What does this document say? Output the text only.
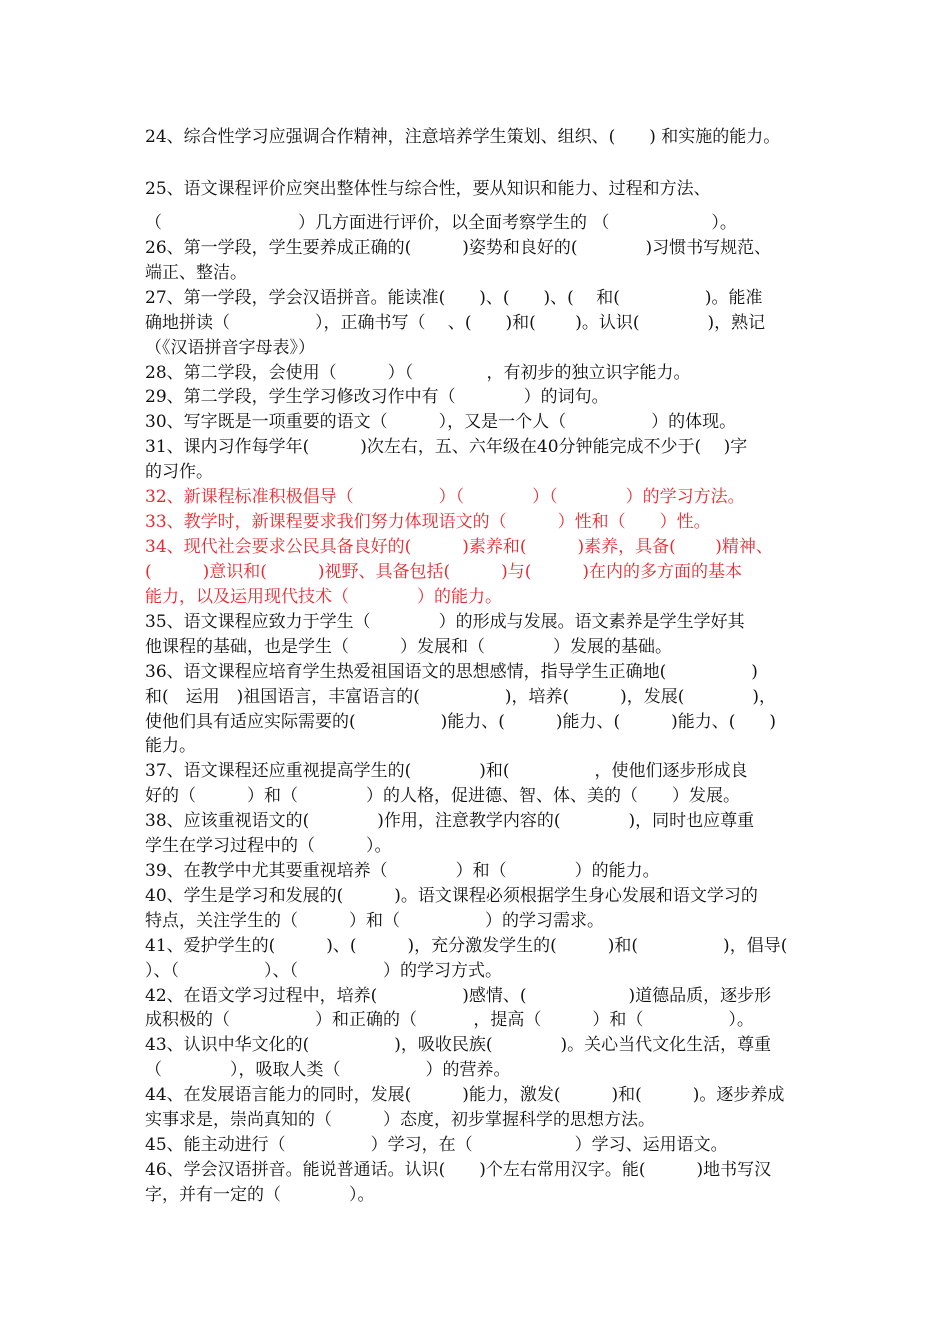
24、综合性学习应强调合作精神，注意培养学生策划、组织、(　　) 和实施的能力。
25、语文课程评价应突出整体性与综合性，要从知识和能力、过程和方法、
（　　　　　　　　）几方面进行评价，以全面考察学生的 （　　　　　　）。
26、第一学段，学生要养成正确的(　　　)姿势和良好的(　　　　)习惯书写规范、
端正、整洁。
27、第一学段，学会汉语拼音。能读准(　　)、(　　)、(　 和(　　　　　)。能准
确地拼读（　　　　　），正确书写（　 、(　　)和(　　 )。认识(　　　　)，熟记
（《汉语拼音字母表》）
28、第二学段，会使用（　　　）（　　　　 ，有初步的独立识字能力。
29、第二学段，学生学习修改习作中有（　　　　）的词句。
30、写字既是一项重要的语文（　　　），又是一个人（　　　　　）的体现。
31、课内习作每学年(　　　)次左右，五、六年级在40分钟能完成不少于(　 )字
的习作。
32、新课程标准积极倡导（　　　　　）（　　　　）（　　　　）的学习方法。
33、教学时，新课程要求我们努力体现语文的（　　　）性和（　　）性。
34、现代社会要求公民具备良好的(　　　)素养和(　　　)素养，具备(　　 )精神、
(　　　)意识和(　　　)视野、具备包括(　　　)与(　　　)在内的多方面的基本
能力，以及运用现代技术（　　　　）的能力。
35、语文课程应致力于学生（　　　　）的形成与发展。语文素养是学生学好其
他课程的基础，也是学生（　　　）发展和（　　　　）发展的基础。
36、语文课程应培育学生热爱祖国语文的思想感情，指导学生正确地(　　　　　)
和(　运用　)祖国语言，丰富语言的(　　　　　)，培养(　　　)，发展(　　　　)，
使他们具有适应实际需要的(　　　　　)能力、(　　　)能力、(　　　)能力、(　　)
能力。
37、语文课程还应重视提高学生的(　　　　)和(　　　　　，使他们逐步形成良
好的（　　　）和（　　　　）的人格，促进德、智、体、美的（　　）发展。
38、应该重视语文的(　　　　)作用，注意教学内容的(　　　　)，同时也应尊重
学生在学习过程中的（　　　）。
39、在教学中尤其要重视培养（　　　　）和（　　　　）的能力。
40、学生是学习和发展的(　　　)。语文课程必须根据学生身心发展和语文学习的
特点，关注学生的（　　　）和（　　　　　）的学习需求。
41、爱护学生的(　　　)、(　　　)，充分激发学生的(　　　)和(　　　　　)，倡导(
）、（　　　　　）、（　　　　　）的学习方式。
42、在语文学习过程中，培养(　　　　　)感情、(　　　　　　)道德品质，逐步形
成积极的（　　　　　）和正确的（　　　 ，提高（　　　）和（　　　　　）。
43、认识中华文化的(　　　　　)，吸收民族(　　　　)。关心当代文化生活，尊重
（　　　　），吸取人类（　　　　　）的营养。
44、在发展语言能力的同时，发展(　　　)能力，激发(　　　)和(　　　)。逐步养成
实事求是，崇尚真知的（　　　）态度，初步掌握科学的思想方法。
45、能主动进行（　　　　　）学习，在（　　　　　　）学习、运用语文。
46、学会汉语拼音。能说普通话。认识(　　)个左右常用汉字。能(　　　)地书写汉
字，并有一定的（　　　　）。
